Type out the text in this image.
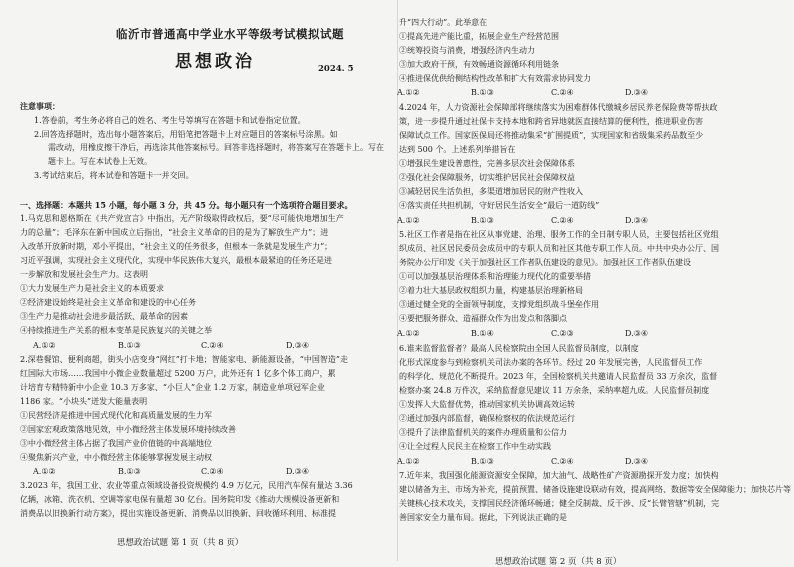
临沂市普通高中学业水平等级考试模拟试题
思想政治	2024. 5
注意事项：
1.答卷前，考生务必将自己的姓名、考生号等填写在答题卡和试卷指定位置。
2.回答选择题时，选出每小题答案后，用铅笔把答题卡上对应题目的答案标号涂黑。如
需改动，用橡皮擦干净后，再选涂其他答案标号。回答非选择题时，将答案写在答题卡上。写在
题卡上。写在本试卷上无效。
3.考试结束后，将本试卷和答题卡一并交回。
一、选择题：本题共 15 小题，每小题 3 分，共 45 分。每小题只有一个选项符合题目要求。
1.马克思和恩格斯在《共产党宣言》中指出，无产阶级取得政权后，要“尽可能快地增加生产
力的总量”；毛泽东在新中国成立后指出，“社会主义革命的目的是为了解放生产力”；进
入改革开放新时期，邓小平提出，“社会主义的任务很多，但根本一条就是发展生产力”；
习近平强调，实现社会主义现代化，实现中华民族伟大复兴，最根本最紧迫的任务还是进
一步解放和发展社会生产力。这表明
①大力发展生产力是社会主义的本质要求
②经济建设始终是社会主义革命和建设的中心任务
③生产力是推动社会进步最活跃、最革命的因素
④持续推进生产关系的根本变革是民族复兴的关键之举
A.①②	B.①③	C.②④	D.③④
2.深巷餐馆、便利商超，街头小店变身“网红”打卡地；智能家电、新能源设备，“中国智造”走
红国际大市场……我国中小微企业数量超过 5200 万户，此外还有 1 亿多个体工商户，累
计培育专精特新中小企业 10.3 万多家、“小巨人”企业 1.2 万家，制造业单项冠军企业
1186 家。“小块头”迸发大能量表明
①民营经济是推进中国式现代化和高质量发展的生力军
②国家宏观政策落地见效，中小微经营主体发展环境持续改善
③中小微经营主体占据了我国产业价值链的中高端地位
④聚焦新兴产业，中小微经营主体能够掌握发展主动权
A.①②	B.①③	C.②④	D.③④
3.2023 年，我国工业、农业等重点领域设备投资规模约 4.9 万亿元，民用汽车保有量达 3.36
亿辆，冰箱、洗衣机、空调等家电保有量超 30 亿台。国务院印发《推动大规模设备更新和
消费品以旧换新行动方案》，提出实施设备更新、消费品以旧换新、回收循环利用、标准提
思想政治试题 第 1 页（共 8 页）
升“四大行动”。此举意在
①提高先进产能比重，拓展企业生产经营范围
②统筹投资与消费，增强经济内生动力
③加大政府干预，有效畅通资源循环利用链条
④推进保优供给侧结构性改革和扩大有效需求协同发力
A.①②	B.①③	C.②④	D.③④
4.2024 年，人力资源社会保障部将继续落实为困难群体代缴城乡居民养老保险费等帮扶政
策，进一步提升通过社保卡支持本地和跨省异地就医直接结算的便利性，推进职业伤害
保障试点工作。国家医保局还将推动集采“扩围提质”，实现国家和省级集采药品数至少
达到 500 个。上述系列举措旨在
①增强民生建设普惠性，完善多层次社会保障体系
②强化社会保障服务，切实维护居民社会保障权益
③减轻居民生活负担，多渠道增加居民的财产性收入
④落实责任共担机制，守好居民生活安全“最后一道防线”
A.①②	B.①③	C.②④	D.③④
5.社区工作者是指在社区从事党建、治理、服务工作的全日制专职人员，主要包括社区党组
织成员、社区居民委员会成员中的专职人员和社区其他专职工作人员。中共中央办公厅、国
务院办公厅印发《关于加强社区工作者队伍建设的意见》。加强社区工作者队伍建设
①可以加强基层治理体系和治理能力现代化的重要举措
②着力壮大基层政权组织力量，构建基层治理新格局
③通过健全党的全面领导制度，支撑党组织战斗堡垒作用
④要把服务群众、造福群众作为出发点和落脚点
A.①②	B.①④	C.②③	D.③④
6.谁来监督监督者？最高人民检察院由全国人民监督员制度，以制度
化形式深度参与到检察机关司法办案的各环节。经过 20 年发展完善，人民监督员工作
的科学化、规范化不断提升。2023 年，全国检察机关共邀请人民监督员 33 万余次，监督
检察办案 24.8 万件次，采纳监督意见建议 11 万余条，采纳率超九成。人民监督员制度
①发挥人大监督优势，推动国家机关协调高效运转
②通过加强内部监督，确保检察权的依法规范运行
③提升了法律监督机关的案件办理质量和公信力
④让全过程人民民主在检察工作中生动实践
A.①②	B.①③	C.②④	D.③④
7.近年来，我国强化能源资源安全保障，加大油气、战略性矿产资源勘探开发力度；加快构
建以储备为主、市场为补充，提前预置、储备设施建设联动有效，提高网络、数据等安全保障能力；加快芯片等
关键核心技术攻关，支撑国民经济循环畅通；健全反制裁、反干涉、反“长臂管辖”机制，完
善国家安全力量布局。据此，下列说法正确的是
思想政治试题 第 2 页（共 8 页）
